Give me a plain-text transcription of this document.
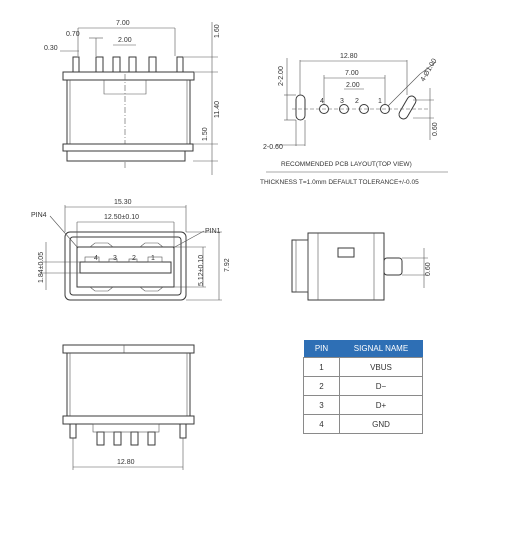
7.00
0.70
2.00
0.30
1.60
11.40
1.50
4 3 2	1
12.80
7.00
2.00
2-2.00
2-0.60
4-Ø1.00
0.60
RECOMMENDED PCB LAYOUT(TOP VIEW)
THICKNESS T=1.0mm DEFAULT TOLERANCE+/-0.05
4 3 2 1
15.30
12.50±0.10
PIN4
PIN1
1.84±0.05	5.12±0.10	7.92	0.60
12.80
PIN	SIGNAL NAME
1	VBUS
2	D−
3	D+
4	GND
